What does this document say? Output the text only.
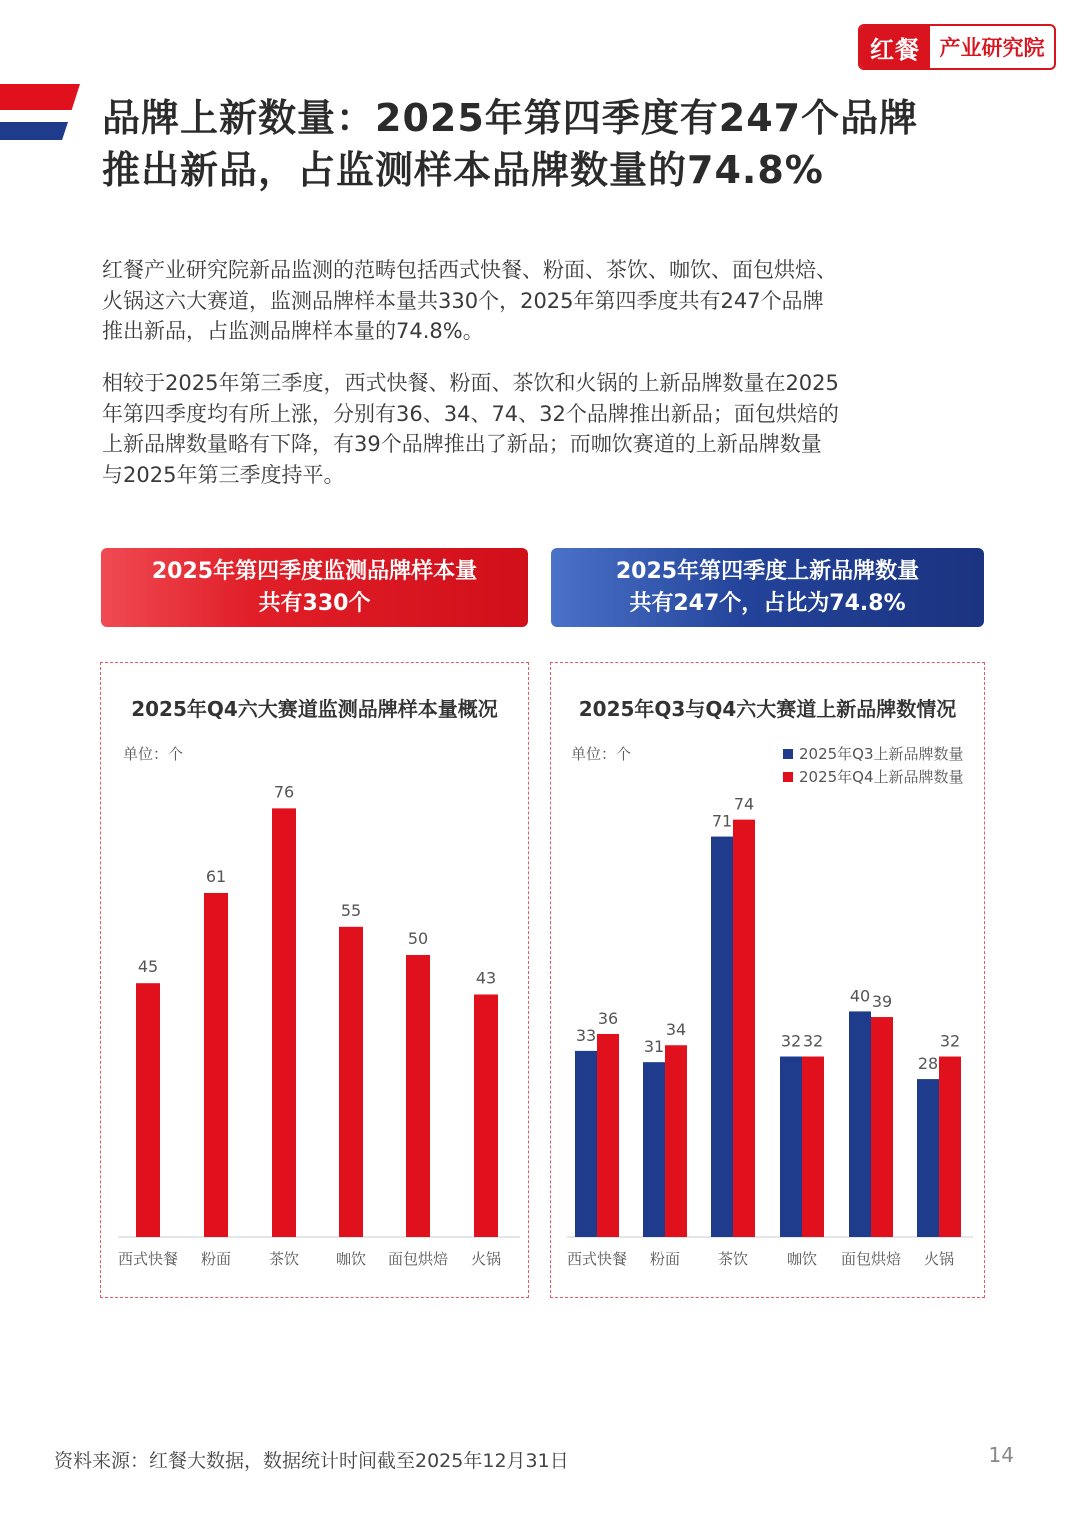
红餐 产业研究院
品牌上新数量：2025年第四季度有247个品牌
推出新品，占监测样本品牌数量的74.8%

红餐产业研究院新品监测的范畴包括西式快餐、粉面、茶饮、咖饮、面包烘焙、
火锅这六大赛道，监测品牌样本量共330个，2025年第四季度共有247个品牌
推出新品，占监测品牌样本量的74.8%。

相较于2025年第三季度，西式快餐、粉面、茶饮和火锅的上新品牌数量在2025
年第四季度均有所上涨，分别有36、34、74、32个品牌推出新品；面包烘焙的
上新品牌数量略有下降，有39个品牌推出了新品；而咖饮赛道的上新品牌数量
与2025年第三季度持平。

2025年第四季度监测品牌样本量
共有330个
2025年第四季度上新品牌数量
共有247个，占比为74.8%
2025年Q4六大赛道监测品牌样本量概况
单位：个
45
西式快餐
61
粉面
76
茶饮
55
咖饮
50
面包烘焙
43
火锅
2025年Q3与Q4六大赛道上新品牌数情况
单位：个	2025年Q3上新品牌数量
2025年Q4上新品牌数量
33
36
西式快餐
31
34
粉面
71
74
茶饮
32 32
咖饮
40 39
面包烘焙
28
32
火锅
资料来源：红餐大数据，数据统计时间截至2025年12月31日	14
